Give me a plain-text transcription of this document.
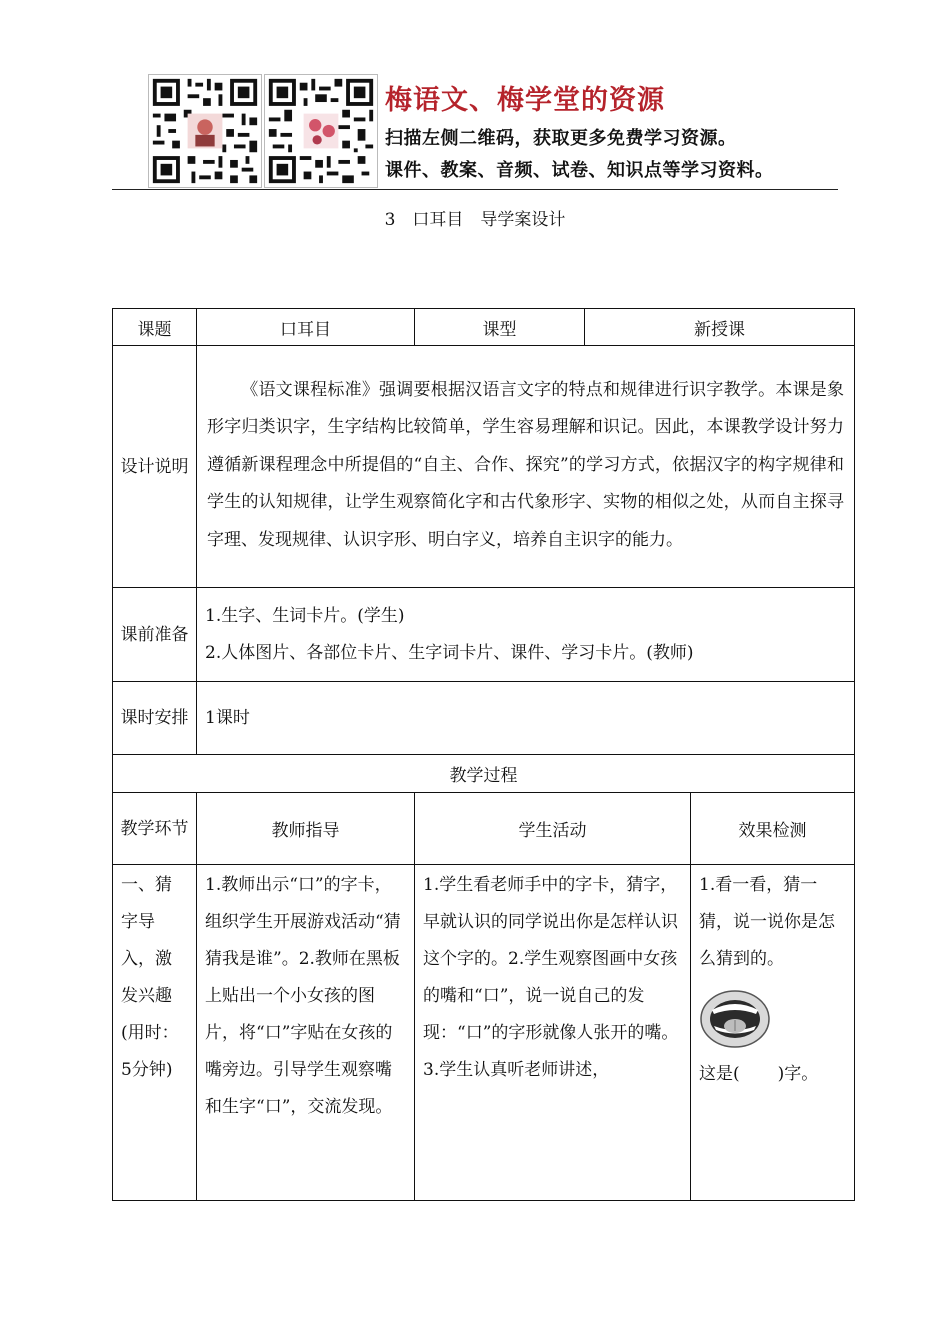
梅语文、梅学堂的资源
扫描左侧二维码，获取更多免费学习资源。
课件、教案、音频、试卷、知识点等学习资料。
3　口耳目　导学案设计
课题	口耳目	课型	新授课	
设计说明	《语文课程标准》强调要根据汉语言文字的特点和规律进行识字教学。本课是象形字归类识字，生字结构比较简单，学生容易理解和识记。因此，本课教学设计努力遵循新课程理念中所提倡的“自主、合作、探究”的学习方式，依据汉字的构字规律和学生的认知规律，让学生观察简化字和古代象形字、实物的相似之处，从而自主探寻字理、发现规律、认识字形、明白字义，培养自主识字的能力。			
课前准备	1.生字、生词卡片。(学生)
2.人体图片、各部位卡片、生字词卡片、课件、学习卡片。(教师)			

课时安排	1课时			
教学过程				
教学环节	教师指导	学生活动		效果检测
一、猜字导入，激发兴趣(用时：5分钟)	1.教师出示“口”的字卡，组织学生开展游戏活动“猜猜我是谁”。2.教师在黑板上贴出一个小女孩的图片，将“口”字贴在女孩的嘴旁边。引导学生观察嘴和生字“口”，交流发现。	1.学生看老师手中的字卡，猜字，早就认识的同学说出你是怎样认识这个字的。2.学生观察图画中女孩的嘴和“口”，说一说自己的发现：“口”的字形就像人张开的嘴。3.学生认真听老师讲述，		1.看一看，猜一猜，说一说你是怎么猜到的。
这是( )字。
